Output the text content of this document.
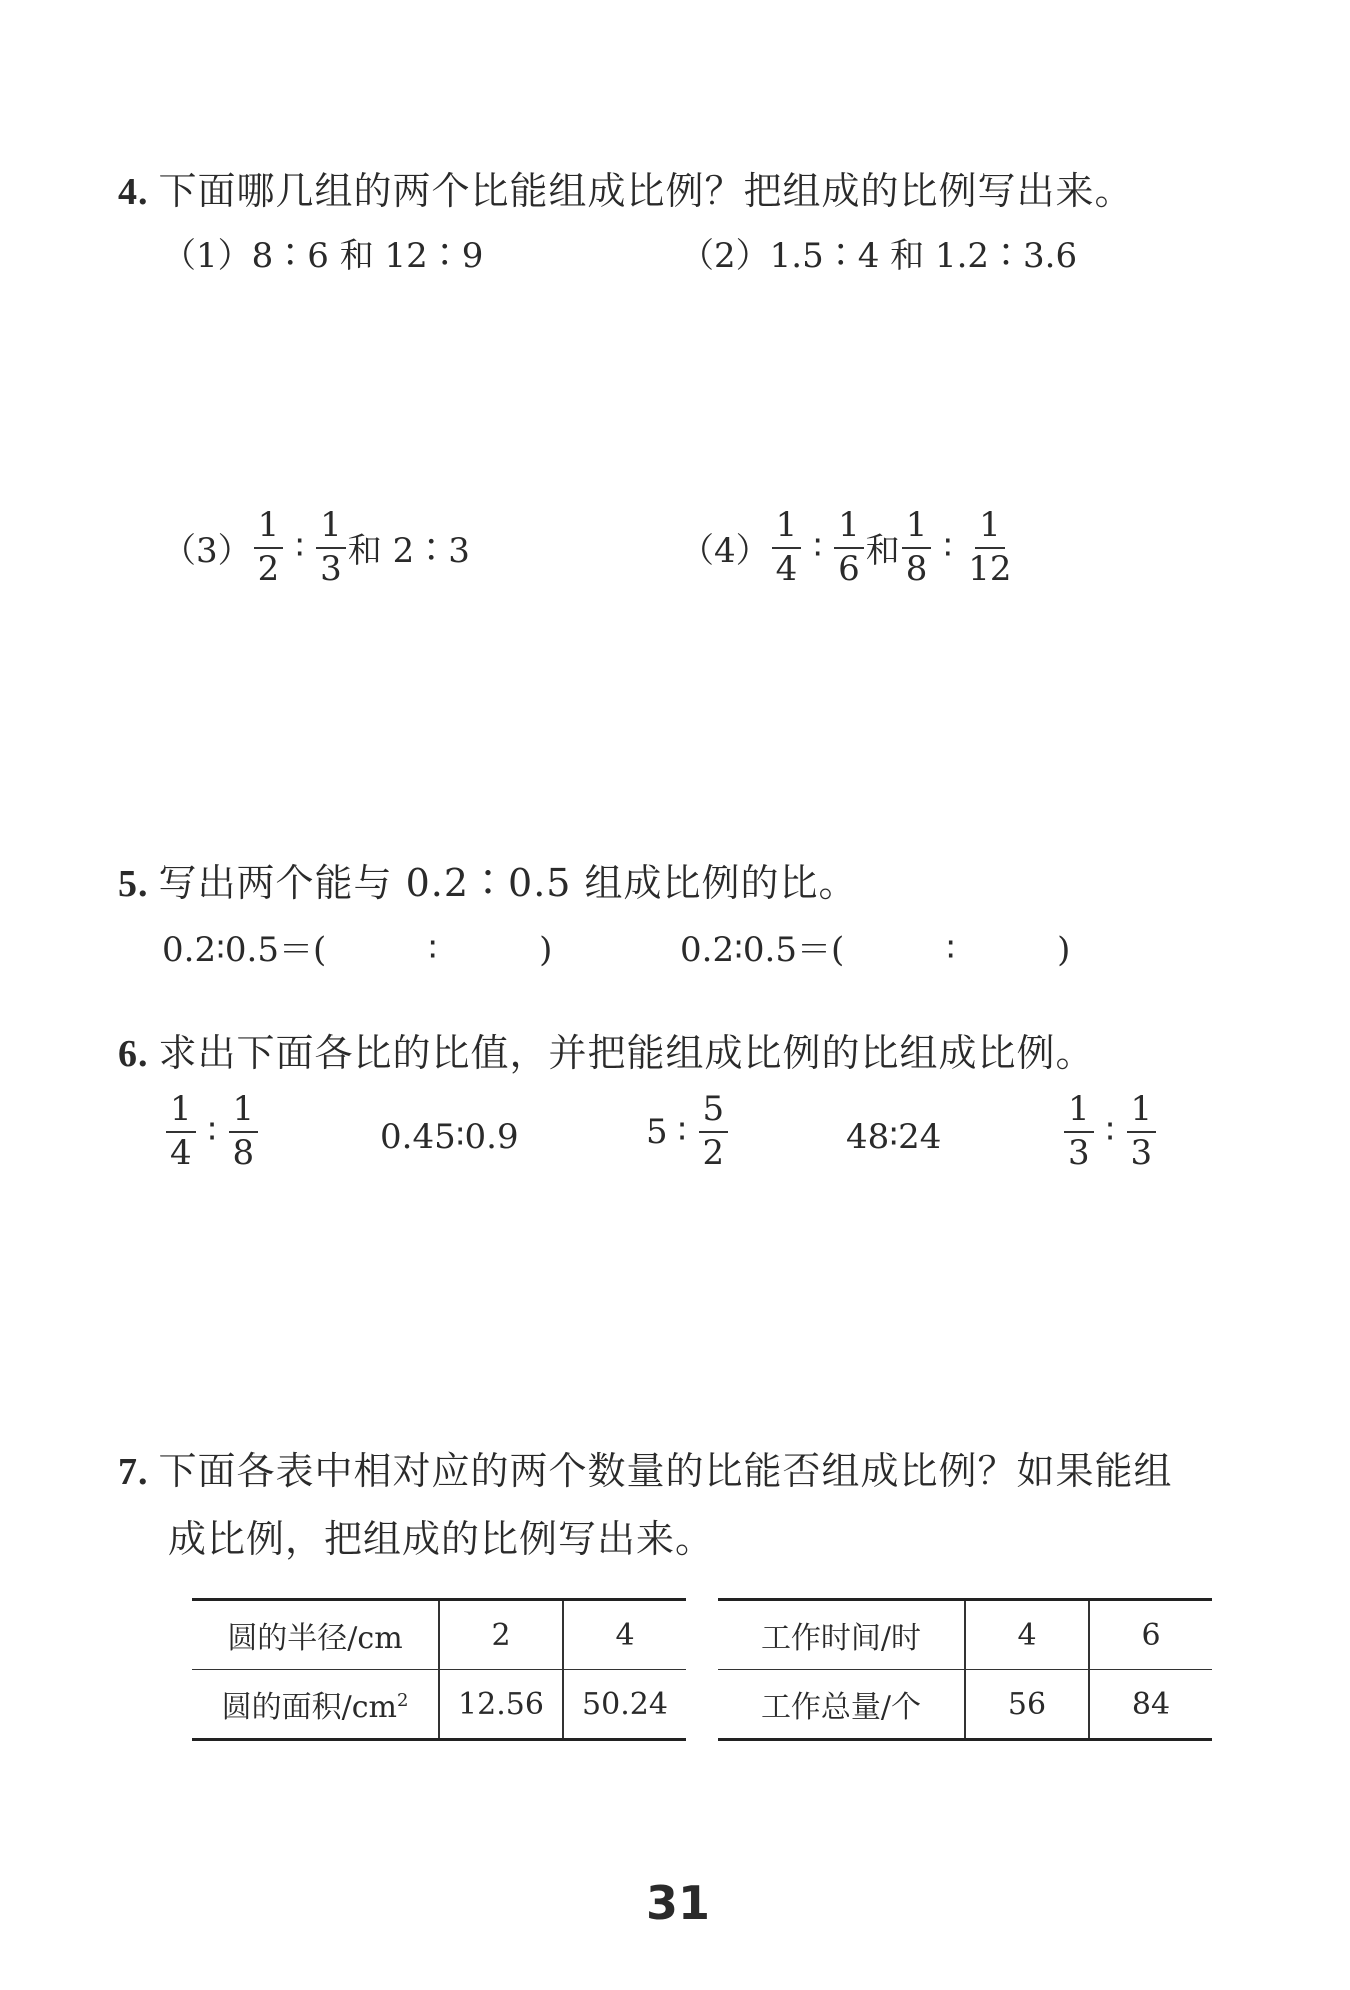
4. 下面哪几组的两个比能组成比例？把组成的比例写出来。
（1）8∶6 和 12∶9	（2）1.5∶4 和 1.2∶3.6
$(3) \frac{1}{2}$ ∶ $\frac{1}{3}$ 和 2∶3	$(4) \frac{1}{4}$ ∶ $\frac{1}{6}$ 和 $\frac{1}{8}$ ∶ $\frac{1}{12}$
5. 写出两个能与 0.2∶0.5 组成比例的比。
0.2∶0.5＝(　　　∶　　　)	0.2∶0.5＝(　　　∶　　　)
6. 求出下面各比的比值，并把能组成比例的比组成比例。
$\frac{1}{4}$ ∶ $\frac{1}{8}$	0.45∶0.9	5 ∶ $\frac{5}{2}$	48∶24	$\frac{1}{3}$ ∶ $\frac{1}{3}$
7. 下面各表中相对应的两个数量的比能否组成比例？如果能组
成比例，把组成的比例写出来。
圆的半径/cm	2	4
圆的面积$/cm^2$	12.56	50.24
工作时间/时	4	6
工作总量/个	56	84
31
